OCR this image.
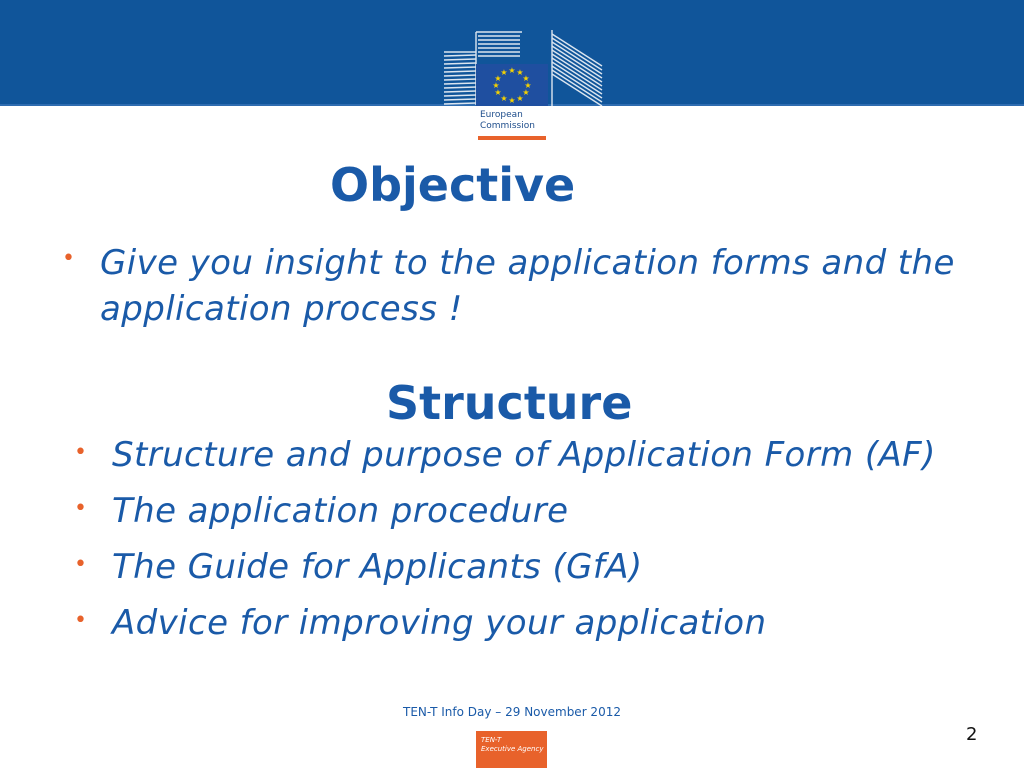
★ ★
★
★
★
★
★
★
★
★
★
★
European
Commission
Objective
• Give you insight to the application forms and the application process !
Structure
• Structure and purpose of Application Form (AF)
• The application procedure
• The Guide for Applicants (GfA)
• Advice for improving your application
TEN-T Info Day – 29 November 2012
2
TEN-T
Executive Agency
